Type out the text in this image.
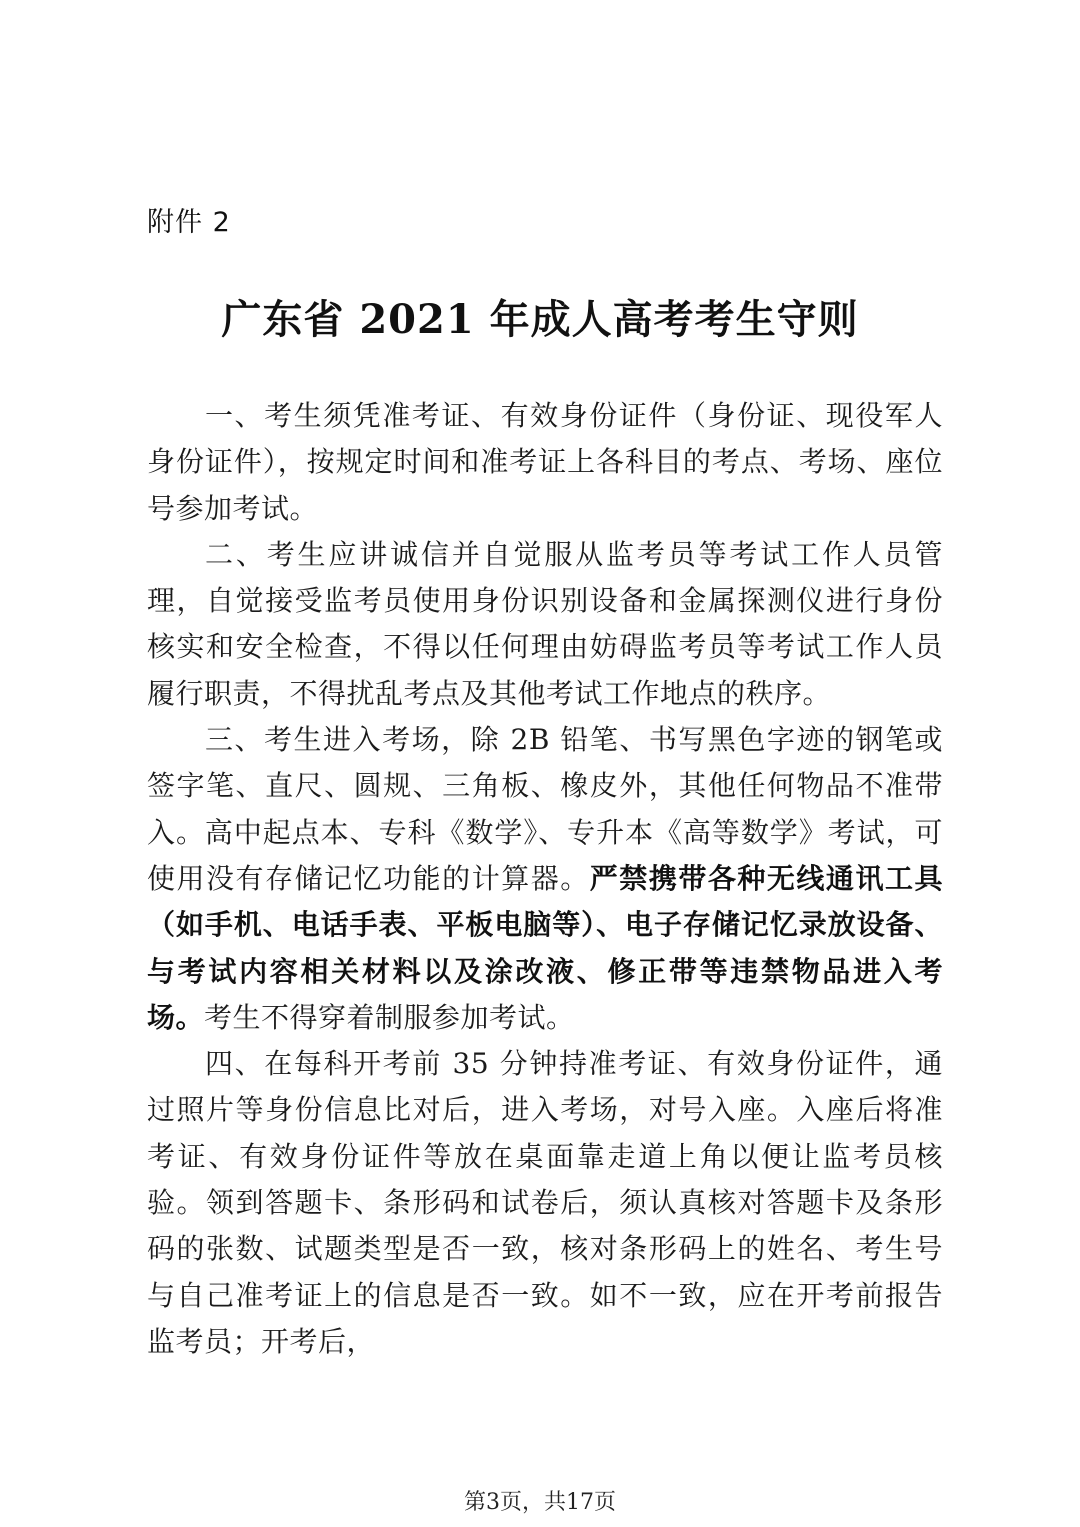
附件 2
广东省 2021 年成人高考考生守则

一、考生须凭准考证、有效身份证件（身份证、现役军人身份证件），按规定时间和准考证上各科目的考点、考场、座位号参加考试。

二、考生应讲诚信并自觉服从监考员等考试工作人员管理，自觉接受监考员使用身份识别设备和金属探测仪进行身份核实和安全检查，不得以任何理由妨碍监考员等考试工作人员履行职责，不得扰乱考点及其他考试工作地点的秩序。

三、考生进入考场，除 2B 铅笔、书写黑色字迹的钢笔或签字笔、直尺、圆规、三角板、橡皮外，其他任何物品不准带入。高中起点本、专科《数学》、专升本《高等数学》考试，可使用没有存储记忆功能的计算器。严禁携带各种无线通讯工具（如手机、电话手表、平板电脑等）、电子存储记忆录放设备、与考试内容相关材料以及涂改液、修正带等违禁物品进入考场。考生不得穿着制服参加考试。

四、在每科开考前 35 分钟持准考证、有效身份证件，通过照片等身份信息比对后，进入考场，对号入座。入座后将准考证、有效身份证件等放在桌面靠走道上角以便让监考员核验。领到答题卡、条形码和试卷后，须认真核对答题卡及条形码的张数、试题类型是否一致，核对条形码上的姓名、考生号与自己准考证上的信息是否一致。如不一致，应在开考前报告监考员；开考后，

第3页，共17页
